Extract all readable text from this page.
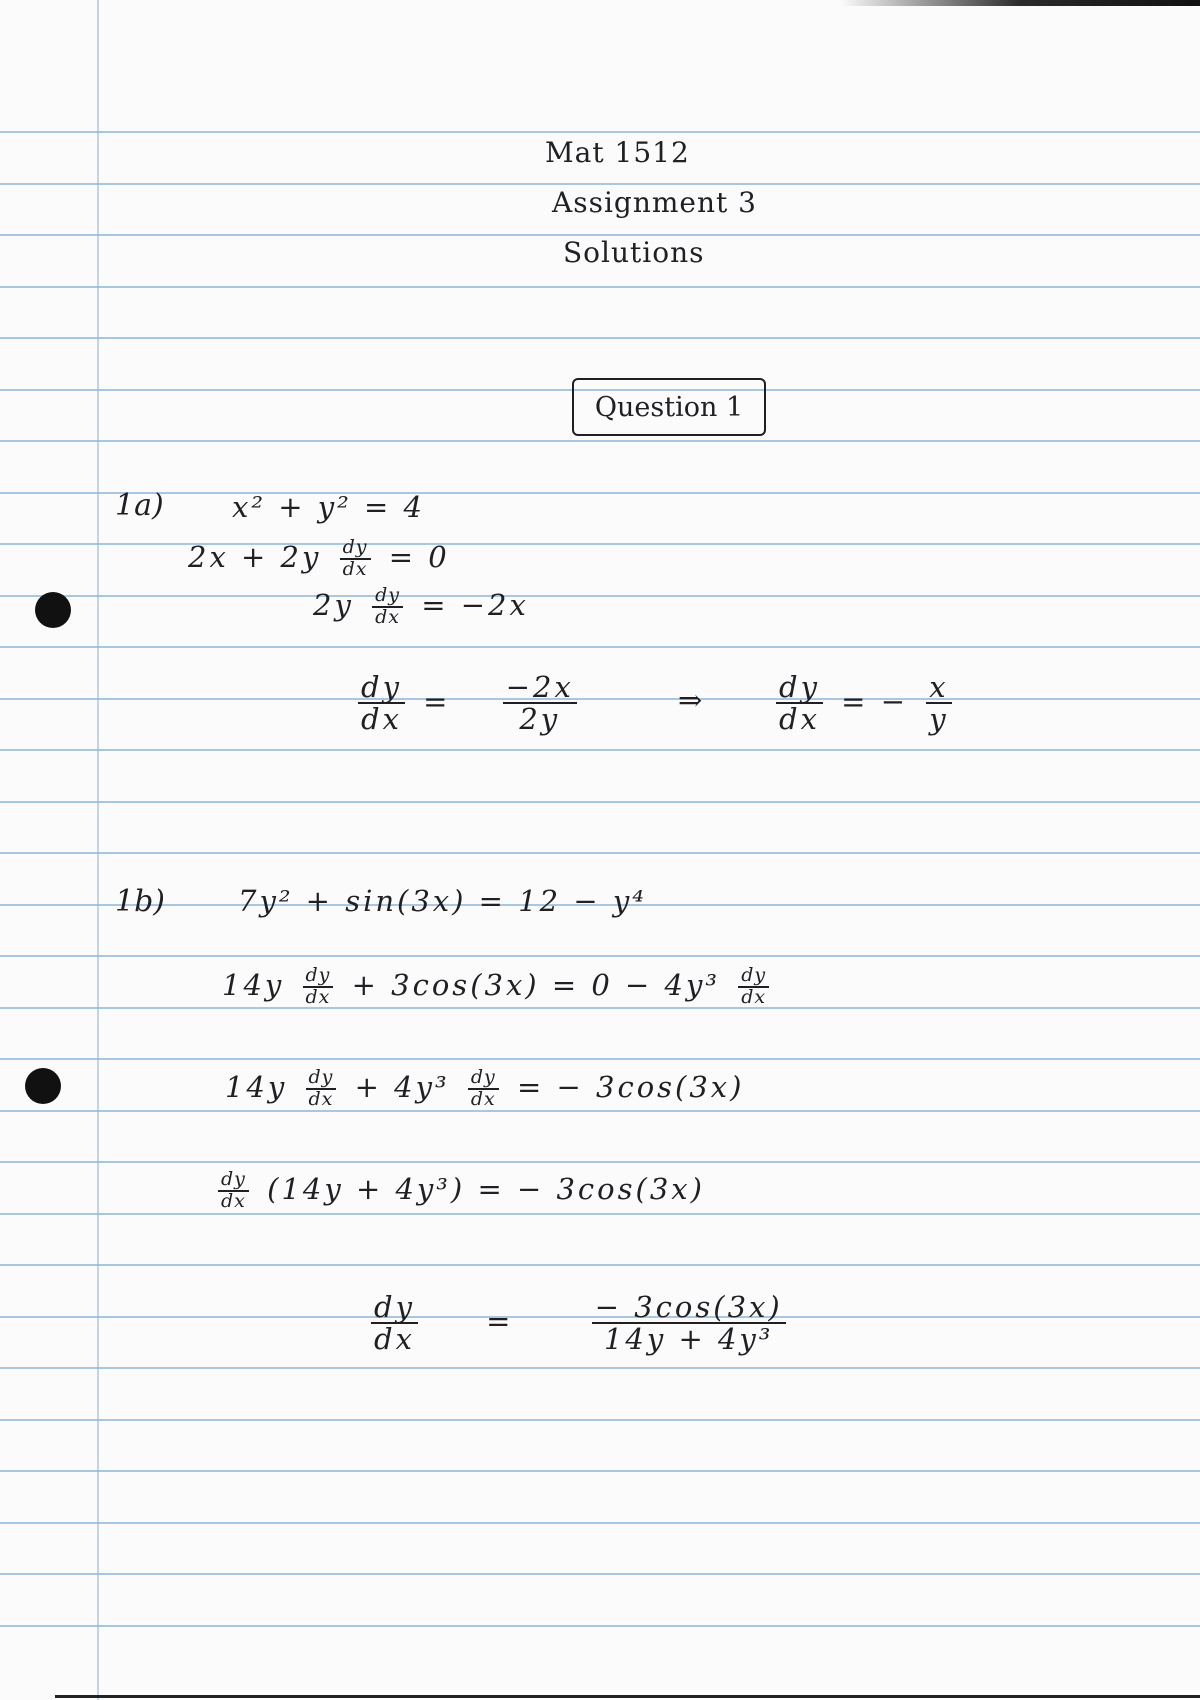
Mat 1512
Assignment 3
Solutions
Question 1
1a) x² + y² = 4
$2x + 2y \frac{dy}{dx} = 0$
$2y \frac{dy}{dx} = -2x$
$\frac{dy}{dx} = \frac{-2x}{2y}$	⇒ $\frac{dy}{dx}$ = − $\frac{x}{y}$
1b)	7y² + sin(3x) = 12 − y⁴
$14y \frac{dy}{dx} + 3\cos(3x) = 0 - 4y^3 \frac{dy}{dx}$
$14y \frac{dy}{dx} + 4y^3 \frac{dy}{dx}$ = − 3cos(3x)
$\frac{dy}{dx} (14y + 4y^3)$ = − 3cos(3x)
$\frac{dy}{dx}$ =	$\frac{- 3\cos(3x)}{\text{14y + 4y³}}$
